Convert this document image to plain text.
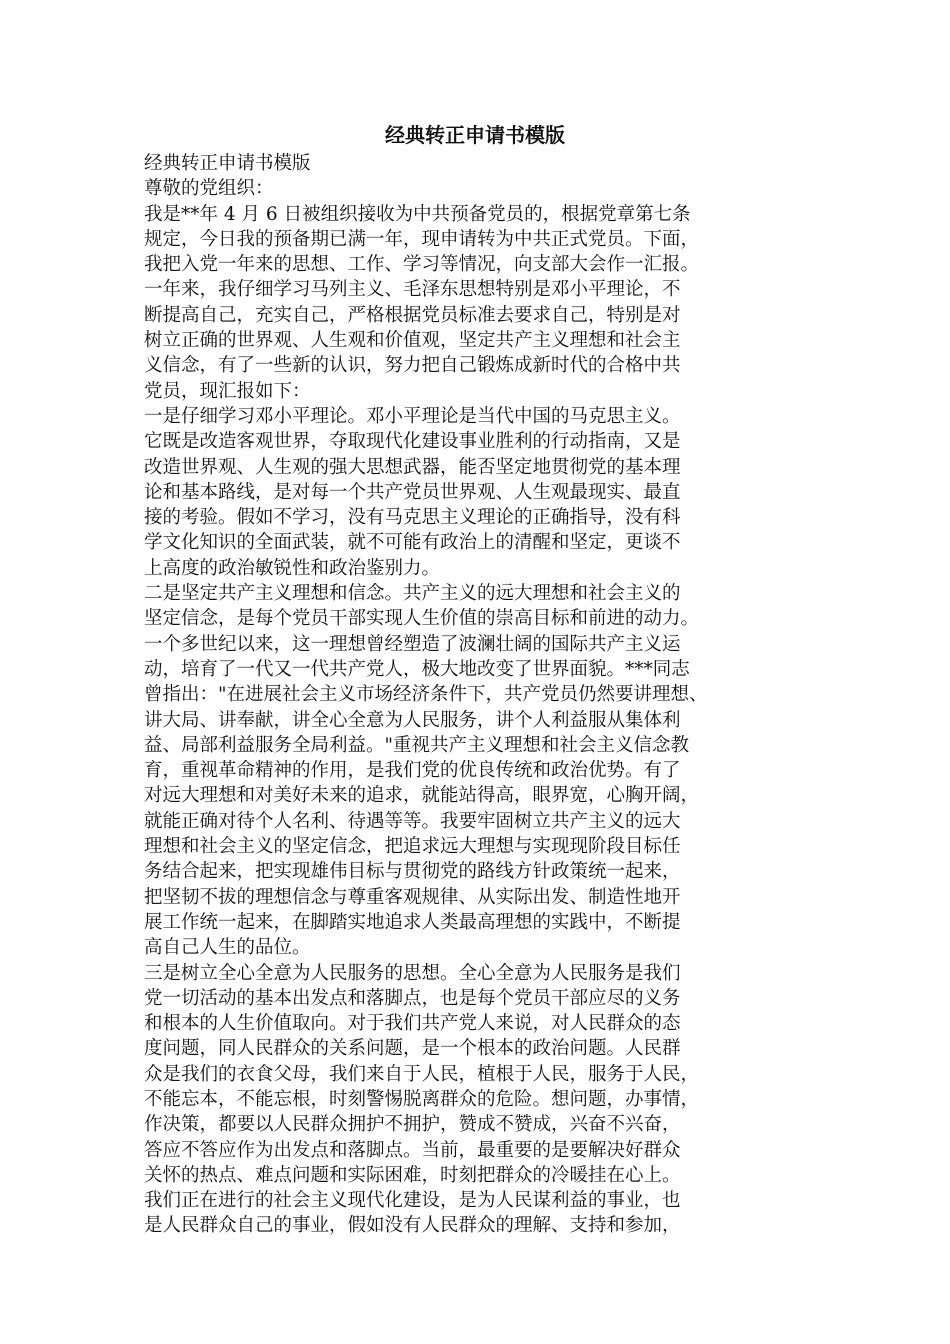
经典转正申请书模版
经典转正申请书模版
尊敬的党组织：
我是**年 4 月 6 日被组织接收为中共预备党员的，根据党章第七条
规定，今日我的预备期已满一年，现申请转为中共正式党员。下面，
我把入党一年来的思想、工作、学习等情况，向支部大会作一汇报。
一年来，我仔细学习马列主义、毛泽东思想特别是邓小平理论，不
断提高自己，充实自己，严格根据党员标准去要求自己，特别是对
树立正确的世界观、人生观和价值观，坚定共产主义理想和社会主
义信念，有了一些新的认识，努力把自己锻炼成新时代的合格中共
党员，现汇报如下：
一是仔细学习邓小平理论。邓小平理论是当代中国的马克思主义。
它既是改造客观世界，夺取现代化建设事业胜利的行动指南，又是
改造世界观、人生观的强大思想武器，能否坚定地贯彻党的基本理
论和基本路线，是对每一个共产党员世界观、人生观最现实、最直
接的考验。假如不学习，没有马克思主义理论的正确指导，没有科
学文化知识的全面武装，就不可能有政治上的清醒和坚定，更谈不
上高度的政治敏锐性和政治鉴别力。
二是坚定共产主义理想和信念。共产主义的远大理想和社会主义的
坚定信念，是每个党员干部实现人生价值的崇高目标和前进的动力。
一个多世纪以来，这一理想曾经塑造了波澜壮阔的国际共产主义运
动，培育了一代又一代共产党人，极大地改变了世界面貌。***同志
曾指出："在进展社会主义市场经济条件下，共产党员仍然要讲理想、
讲大局、讲奉献，讲全心全意为人民服务，讲个人利益服从集体利
益、局部利益服务全局利益。"重视共产主义理想和社会主义信念教
育，重视革命精神的作用，是我们党的优良传统和政治优势。有了
对远大理想和对美好未来的追求，就能站得高，眼界宽，心胸开阔，
就能正确对待个人名利、待遇等等。我要牢固树立共产主义的远大
理想和社会主义的坚定信念，把追求远大理想与实现现阶段目标任
务结合起来，把实现雄伟目标与贯彻党的路线方针政策统一起来，
把坚韧不拔的理想信念与尊重客观规律、从实际出发、制造性地开
展工作统一起来，在脚踏实地追求人类最高理想的实践中，不断提
高自己人生的品位。
三是树立全心全意为人民服务的思想。全心全意为人民服务是我们
党一切活动的基本出发点和落脚点，也是每个党员干部应尽的义务
和根本的人生价值取向。对于我们共产党人来说，对人民群众的态
度问题，同人民群众的关系问题，是一个根本的政治问题。人民群
众是我们的衣食父母，我们来自于人民，植根于人民，服务于人民，
不能忘本，不能忘根，时刻警惕脱离群众的危险。想问题，办事情，
作决策，都要以人民群众拥护不拥护，赞成不赞成，兴奋不兴奋，
答应不答应作为出发点和落脚点。当前，最重要的是要解决好群众
关怀的热点、难点问题和实际困难，时刻把群众的冷暖挂在心上。
我们正在进行的社会主义现代化建设，是为人民谋利益的事业，也
是人民群众自己的事业，假如没有人民群众的理解、支持和参加，
